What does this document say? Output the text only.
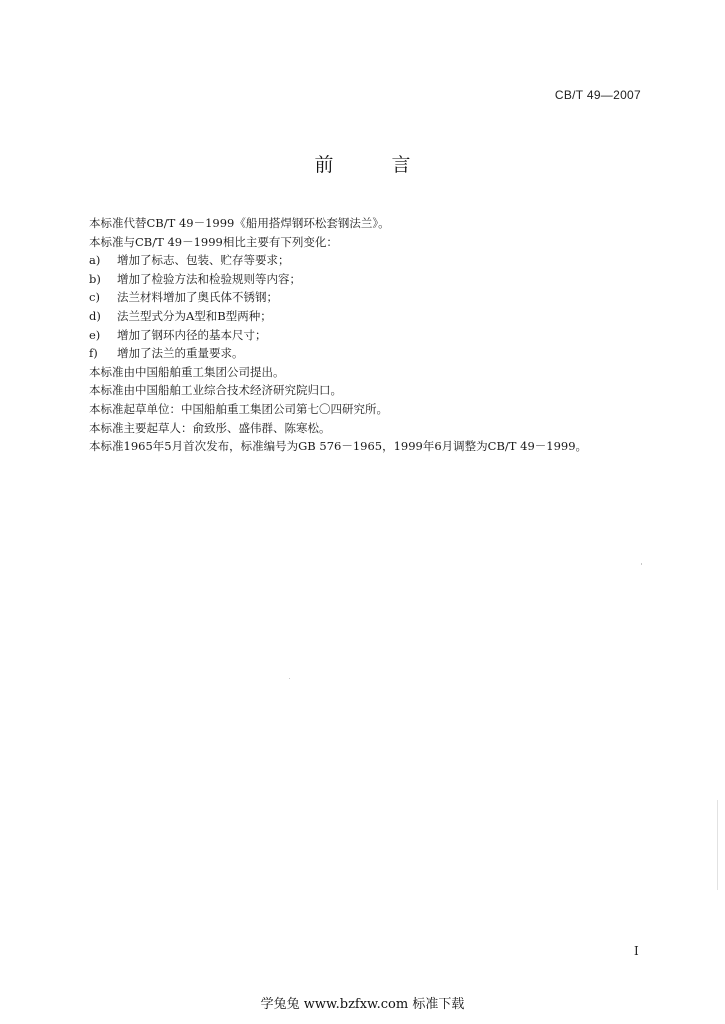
CB/T 49—2007
前 言

本标准代替CB/T 49－1999《船用搭焊钢环松套钢法兰》。

本标准与CB/T 49－1999相比主要有下列变化：

a)	增加了标志、包装、贮存等要求；
b)	增加了检验方法和检验规则等内容；
c)	法兰材料增加了奥氏体不锈钢；
d)	法兰型式分为A型和B型两种；
e)	增加了钢环内径的基本尺寸；
f)	增加了法兰的重量要求。

本标准由中国船舶重工集团公司提出。

本标准由中国船舶工业综合技术经济研究院归口。

本标准起草单位：中国船舶重工集团公司第七〇四研究所。

本标准主要起草人：俞致彤、盛伟群、陈寒松。

本标准1965年5月首次发布，标准编号为GB 576－1965，1999年6月调整为CB/T 49－1999。

I
学兔兔 www.bzfxw.com 标准下载
